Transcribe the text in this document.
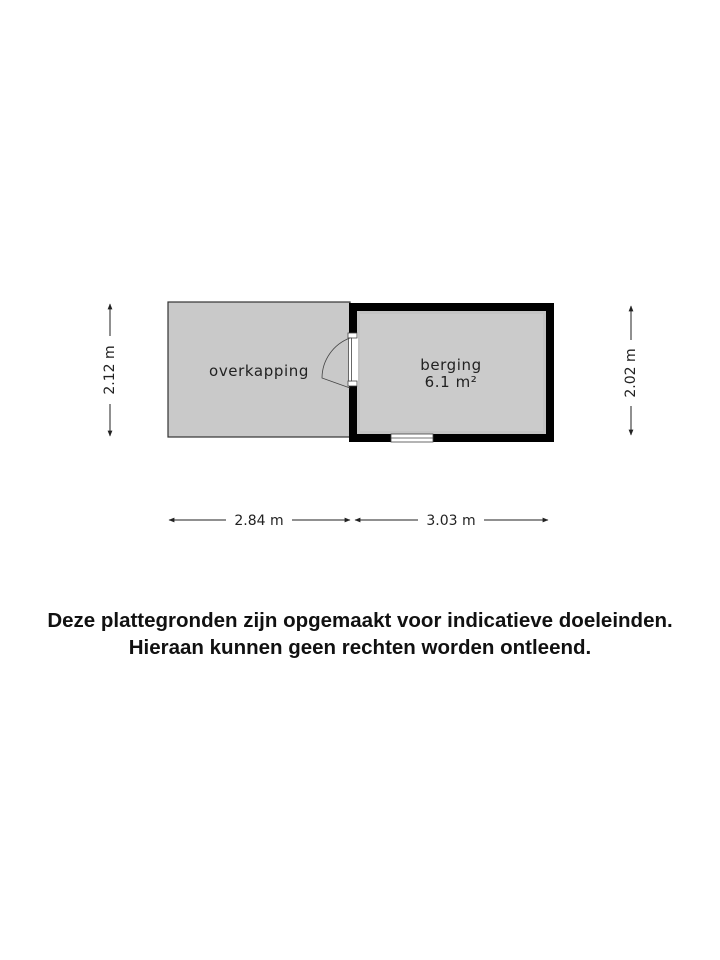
overkapping	berging
6.1 m²
2.12 m	2.02 m
2.84 m	3.03 m
Deze plattegronden zijn opgemaakt voor indicatieve doeleinden.
Hieraan kunnen geen rechten worden ontleend.
